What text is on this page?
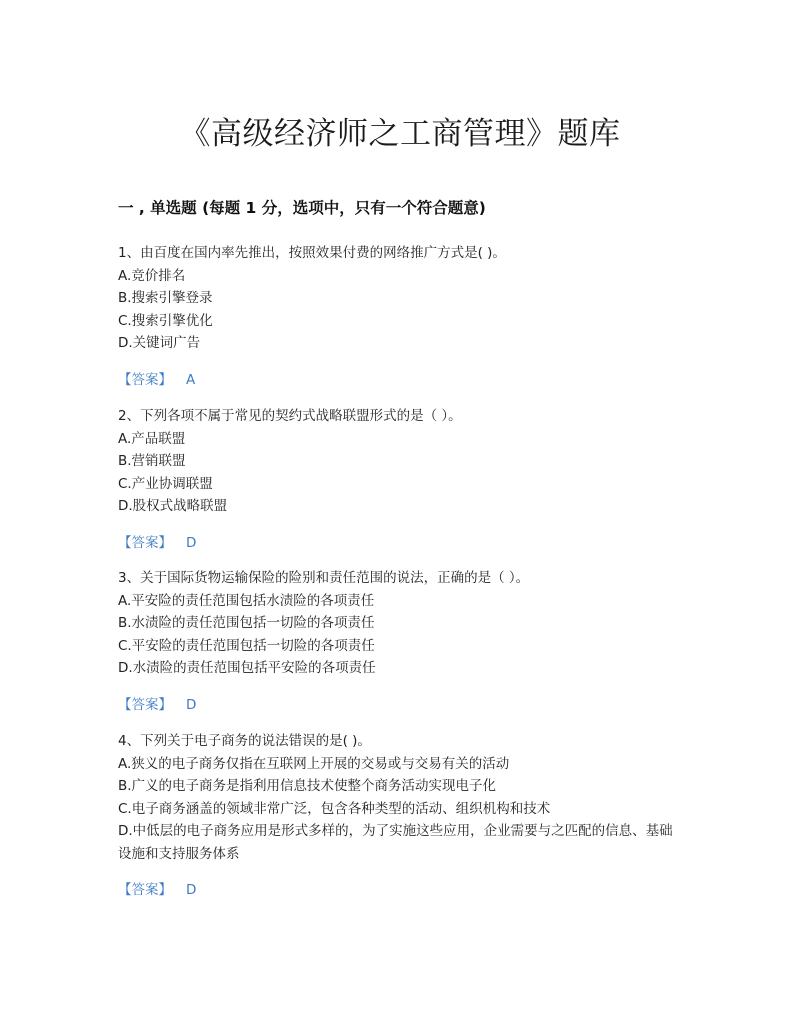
《高级经济师之工商管理》题库
一 , 单选题 (每题 1 分，选项中，只有一个符合题意)

1、由百度在国内率先推出，按照效果付费的网络推广方式是( )。

A.竞价排名

B.搜索引擎登录

C.搜索引擎优化

D.关键词广告

【答案】 A

2、下列各项不属于常见的契约式战略联盟形式的是（ ）。

A.产品联盟

B.营销联盟

C.产业协调联盟

D.股权式战略联盟

【答案】 D

3、关于国际货物运输保险的险别和责任范围的说法，正确的是（ ）。

A.平安险的责任范围包括水渍险的各项责任

B.水渍险的责任范围包括一切险的各项责任

C.平安险的责任范围包括一切险的各项责任

D.水渍险的责任范围包括平安险的各项责任

【答案】 D

4、下列关于电子商务的说法错误的是( )。

A.狭义的电子商务仅指在互联网上开展的交易或与交易有关的活动

B.广义的电子商务是指利用信息技术使整个商务活动实现电子化

C.电子商务涵盖的领域非常广泛，包含各种类型的活动、组织机构和技术

D.中低层的电子商务应用是形式多样的，为了实施这些应用，企业需要与之匹配的信息、基础设施和支持服务体系

【答案】 D
